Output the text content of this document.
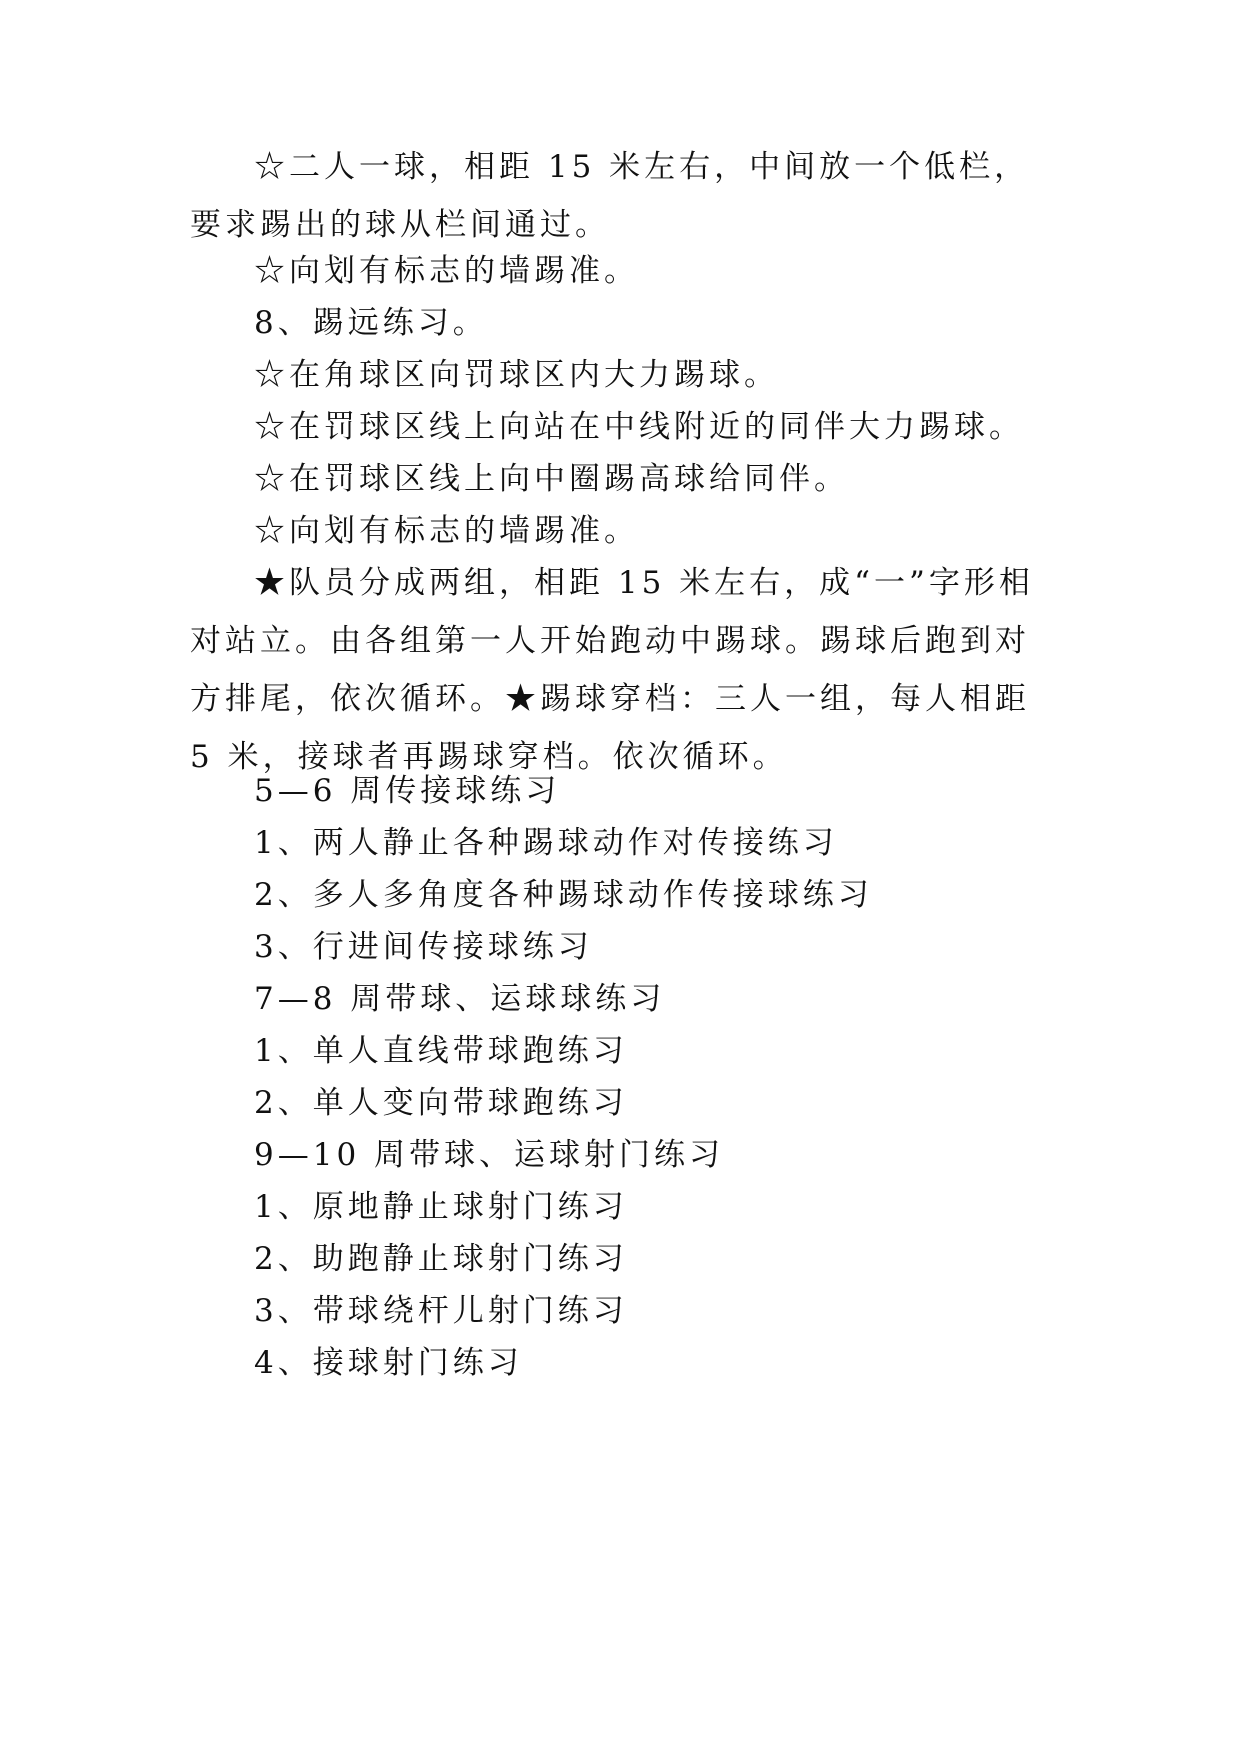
☆二人一球，相距 15 米左右，中间放一个低栏，要求踢出的球从栏间通过。

☆向划有标志的墙踢准。

8、踢远练习。

☆在角球区向罚球区内大力踢球。

☆在罚球区线上向站在中线附近的同伴大力踢球。

☆在罚球区线上向中圈踢高球给同伴。

☆向划有标志的墙踢准。

★队员分成两组，相距 15 米左右，成“一”字形相对站立。由各组第一人开始跑动中踢球。踢球后跑到对方排尾，依次循环。★踢球穿档：三人一组，每人相距 5 米，接球者再踢球穿档。依次循环。

5—6 周传接球练习

1、两人静止各种踢球动作对传接练习

2、多人多角度各种踢球动作传接球练习

3、行进间传接球练习

7—8 周带球、运球球练习

1、单人直线带球跑练习

2、单人变向带球跑练习

9—10 周带球、运球射门练习

1、原地静止球射门练习

2、助跑静止球射门练习

3、带球绕杆儿射门练习

4、接球射门练习
